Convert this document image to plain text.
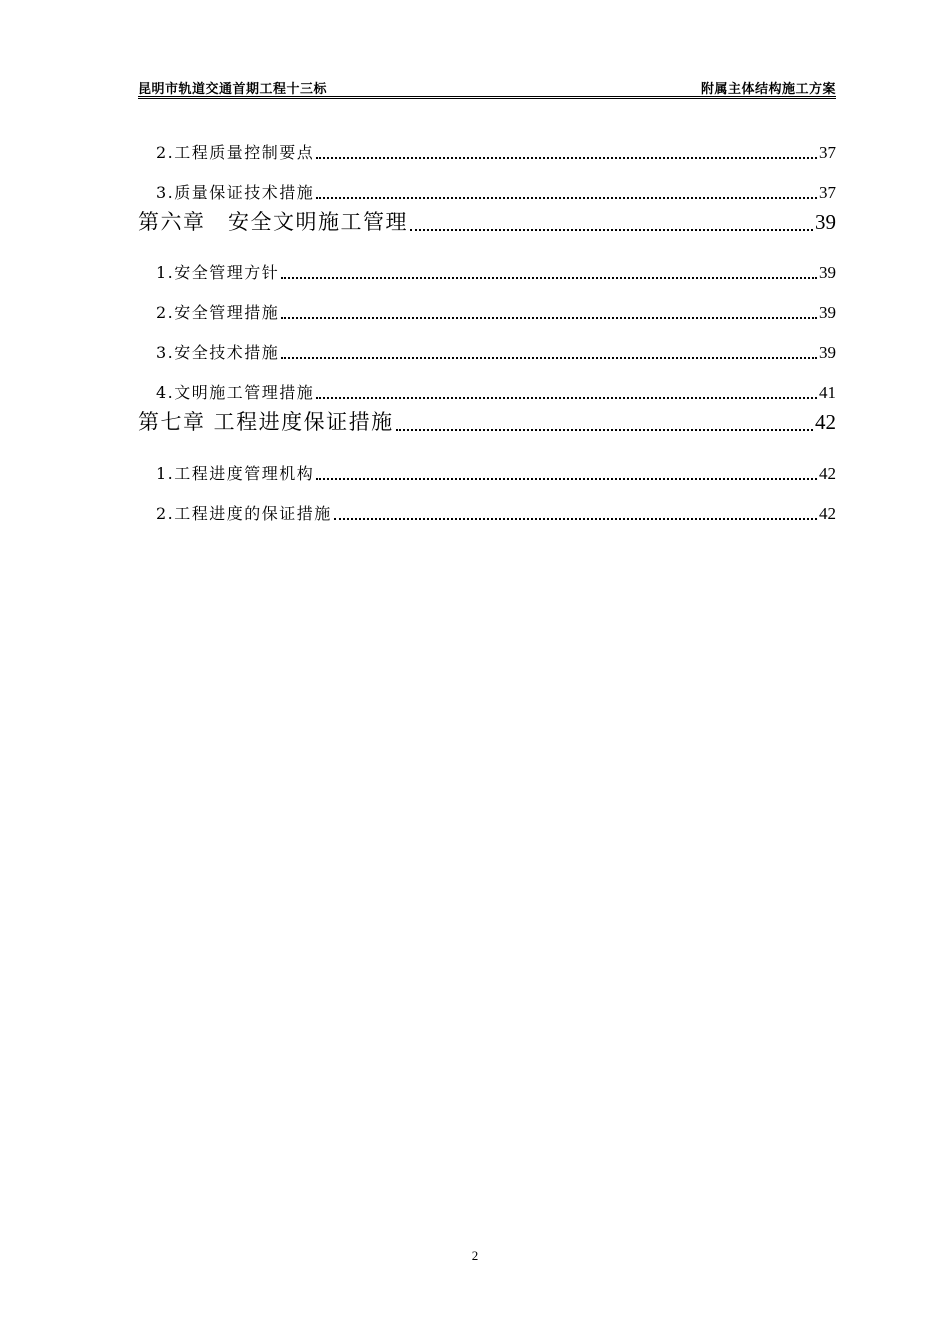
昆明市轨道交通首期工程十三标	附属主体结构施工方案
2.工程质量控制要点	37
3.质量保证技术措施	37
第六章　安全文明施工管理	39
1.安全管理方针	39
2.安全管理措施	39
3.安全技术措施	39
4.文明施工管理措施	41
第七章 工程进度保证措施	42
1.工程进度管理机构	42
2.工程进度的保证措施	42
2
